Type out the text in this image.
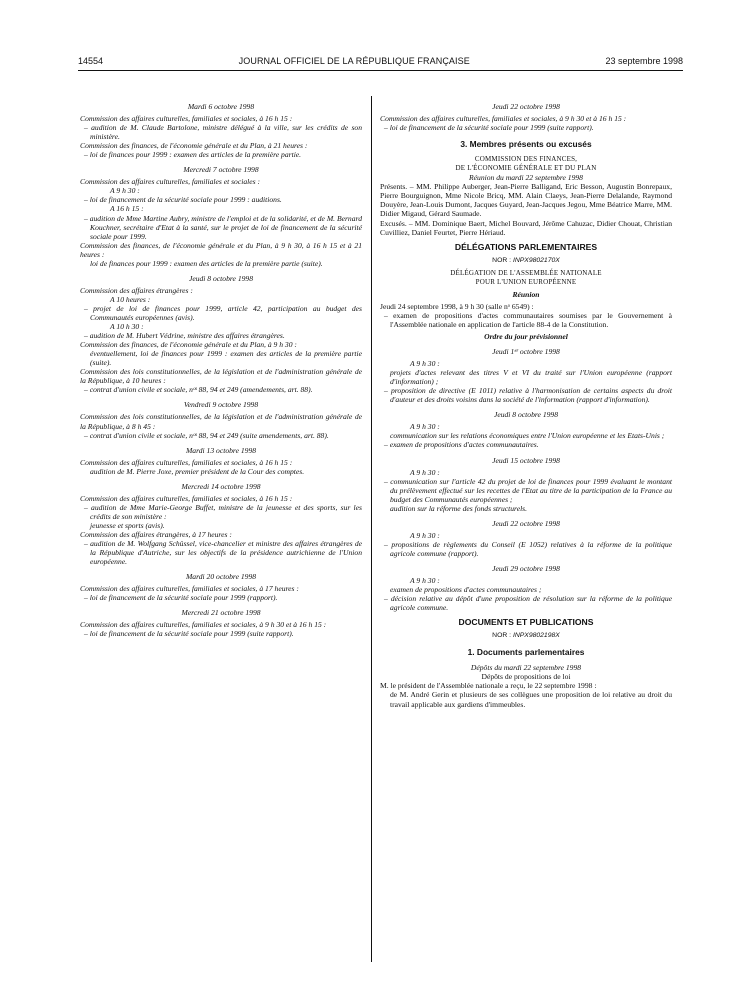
14554	JOURNAL OFFICIEL DE LA RÉPUBLIQUE FRANÇAISE	23 septembre 1998

Mardi 6 octobre 1998

Commission des affaires culturelles, familiales et sociales, à 16 h 15 :

– audition de M. Claude Bartolone, ministre délégué à la ville, sur les crédits de son ministère.

Commission des finances, de l'économie générale et du Plan, à 21 heures :

– loi de finances pour 1999 : examen des articles de la première partie.

Mercredi 7 octobre 1998

Commission des affaires culturelles, familiales et sociales :

A 9 h 30 :

– loi de financement de la sécurité sociale pour 1999 : auditions.

A 16 h 15 :

– audition de Mme Martine Aubry, ministre de l'emploi et de la solidarité, et de M. Bernard Kouchner, secrétaire d'Etat à la santé, sur le projet de loi de financement de la sécurité sociale pour 1999.

Commission des finances, de l'économie générale et du Plan, à 9 h 30, à 16 h 15 et à 21 heures :

loi de finances pour 1999 : examen des articles de la première partie (suite).

Jeudi 8 octobre 1998

Commission des affaires étrangères :

A 10 heures :

– projet de loi de finances pour 1999, article 42, participation au budget des Communautés européennes (avis).

A 10 h 30 :

– audition de M. Hubert Védrine, ministre des affaires étrangères.

Commission des finances, de l'économie générale et du Plan, à 9 h 30 :

éventuellement, loi de finances pour 1999 : examen des articles de la première partie (suite).

Commission des lois constitutionnelles, de la législation et de l'administration générale de la République, à 10 heures :

– contrat d'union civile et sociale, nᵒˢ 88, 94 et 249 (amendements, art. 88).

Vendredi 9 octobre 1998

Commission des lois constitutionnelles, de la législation et de l'administration générale de la République, à 8 h 45 :

– contrat d'union civile et sociale, nᵒˢ 88, 94 et 249 (suite amendements, art. 88).

Mardi 13 octobre 1998

Commission des affaires culturelles, familiales et sociales, à 16 h 15 :

audition de M. Pierre Joxe, premier président de la Cour des comptes.

Mercredi 14 octobre 1998

Commission des affaires culturelles, familiales et sociales, à 16 h 15 :

– audition de Mme Marie-George Buffet, ministre de la jeunesse et des sports, sur les crédits de son ministère :

jeunesse et sports (avis).

Commission des affaires étrangères, à 17 heures :

– audition de M. Wolfgang Schüssel, vice-chancelier et ministre des affaires étrangères de la République d'Autriche, sur les objectifs de la présidence autrichienne de l'Union européenne.

Mardi 20 octobre 1998

Commission des affaires culturelles, familiales et sociales, à 17 heures :

– loi de financement de la sécurité sociale pour 1999 (rapport).

Mercredi 21 octobre 1998

Commission des affaires culturelles, familiales et sociales, à 9 h 30 et à 16 h 15 :

– loi de financement de la sécurité sociale pour 1999 (suite rapport).

Jeudi 22 octobre 1998

Commission des affaires culturelles, familiales et sociales, à 9 h 30 et à 16 h 15 :

– loi de financement de la sécurité sociale pour 1999 (suite rapport).

3. Membres présents ou excusés

COMMISSION DES FINANCES,

DE L'ÉCONOMIE GÉNÉRALE ET DU PLAN

Réunion du mardi 22 septembre 1998

Présents. – MM. Philippe Auberger, Jean-Pierre Balligand, Eric Besson, Augustin Bonrepaux, Pierre Bourguignon, Mme Nicole Bricq, MM. Alain Claeys, Jean-Pierre Delalande, Raymond Douyère, Jean-Louis Dumont, Jacques Guyard, Jean-Jacques Jegou, Mme Béatrice Marre, MM. Didier Migaud, Gérard Saumade.

Excusés. – MM. Dominique Baert, Michel Bouvard, Jérôme Cahuzac, Didier Chouat, Christian Cuvilliez, Daniel Feurtet, Pierre Hériaud.

DÉLÉGATIONS PARLEMENTAIRES

NOR : INPX9802170X

DÉLÉGATION DE L'ASSEMBLÉE NATIONALE

POUR L'UNION EUROPÉENNE

Réunion

Jeudi 24 septembre 1998, à 9 h 30 (salle nᵒ 6549) :

– examen de propositions d'actes communautaires soumises par le Gouvernement à l'Assemblée nationale en application de l'article 88-4 de la Constitution.

Ordre du jour prévisionnel

Jeudi 1ᵉʳ octobre 1998

A 9 h 30 :

projets d'actes relevant des titres V et VI du traité sur l'Union européenne (rapport d'information) ;

– proposition de directive (E 1011) relative à l'harmonisation de certains aspects du droit d'auteur et des droits voisins dans la société de l'information (rapport d'information).

Jeudi 8 octobre 1998

A 9 h 30 :

communication sur les relations économiques entre l'Union européenne et les Etats-Unis ;

– examen de propositions d'actes communautaires.

Jeudi 15 octobre 1998

A 9 h 30 :

– communication sur l'article 42 du projet de loi de finances pour 1999 évaluant le montant du prélèvement effectué sur les recettes de l'Etat au titre de la participation de la France au budget des Communautés européennes ;

audition sur la réforme des fonds structurels.

Jeudi 22 octobre 1998

A 9 h 30 :

– propositions de règlements du Conseil (E 1052) relatives à la réforme de la politique agricole commune (rapport).

Jeudi 29 octobre 1998

A 9 h 30 :

examen de propositions d'actes communautaires ;

– décision relative au dépôt d'une proposition de résolution sur la réforme de la politique agricole commune.

DOCUMENTS ET PUBLICATIONS

NOR : INPX9802198X

1. Documents parlementaires

Dépôts du mardi 22 septembre 1998

Dépôts de propositions de loi

M. le président de l'Assemblée nationale a reçu, le 22 septembre 1998 :

de M. André Gerin et plusieurs de ses collègues une proposition de loi relative au droit du travail applicable aux gardiens d'immeubles.
